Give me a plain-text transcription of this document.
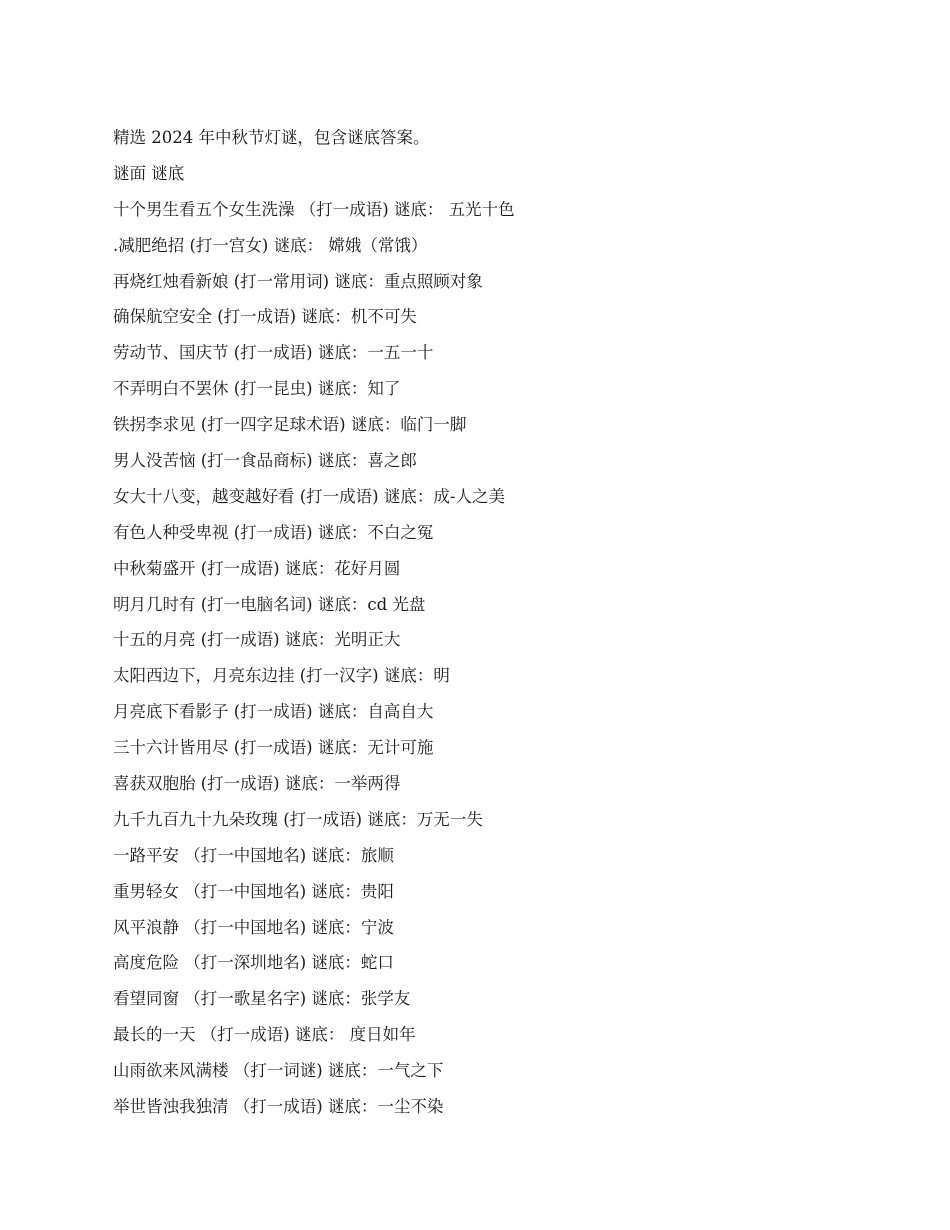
精选 2024 年中秋节灯谜，包含谜底答案。
谜面 谜底
十个男生看五个女生洗澡 （打一成语) 谜底： 五光十色
.减肥绝招 (打一宫女) 谜底： 嫦娥（常饿）
再烧红烛看新娘 (打一常用词) 谜底：重点照顾对象
确保航空安全 (打一成语) 谜底：机不可失
劳动节、国庆节 (打一成语) 谜底：一五一十
不弄明白不罢休 (打一昆虫) 谜底：知了
铁拐李求见 (打一四字足球术语) 谜底：临门一脚
男人没苦恼 (打一食品商标) 谜底：喜之郎
女大十八变，越变越好看 (打一成语) 谜底：成-人之美
有色人种受卑视 (打一成语) 谜底：不白之冤
中秋菊盛开 (打一成语) 谜底：花好月圆
明月几时有 (打一电脑名词) 谜底：cd 光盘
十五的月亮 (打一成语) 谜底：光明正大
太阳西边下，月亮东边挂 (打一汉字) 谜底：明
月亮底下看影子 (打一成语) 谜底：自高自大
三十六计皆用尽 (打一成语) 谜底：无计可施
喜获双胞胎 (打一成语) 谜底：一举两得
九千九百九十九朵玫瑰 (打一成语) 谜底：万无一失
一路平安 （打一中国地名) 谜底：旅顺
重男轻女 （打一中国地名) 谜底：贵阳
风平浪静 （打一中国地名) 谜底：宁波
高度危险 （打一深圳地名) 谜底：蛇口
看望同窗 （打一歌星名字) 谜底：张学友
最长的一天 （打一成语) 谜底： 度日如年
山雨欲来风满楼 （打一词谜) 谜底：一气之下
举世皆浊我独清 （打一成语) 谜底：一尘不染
